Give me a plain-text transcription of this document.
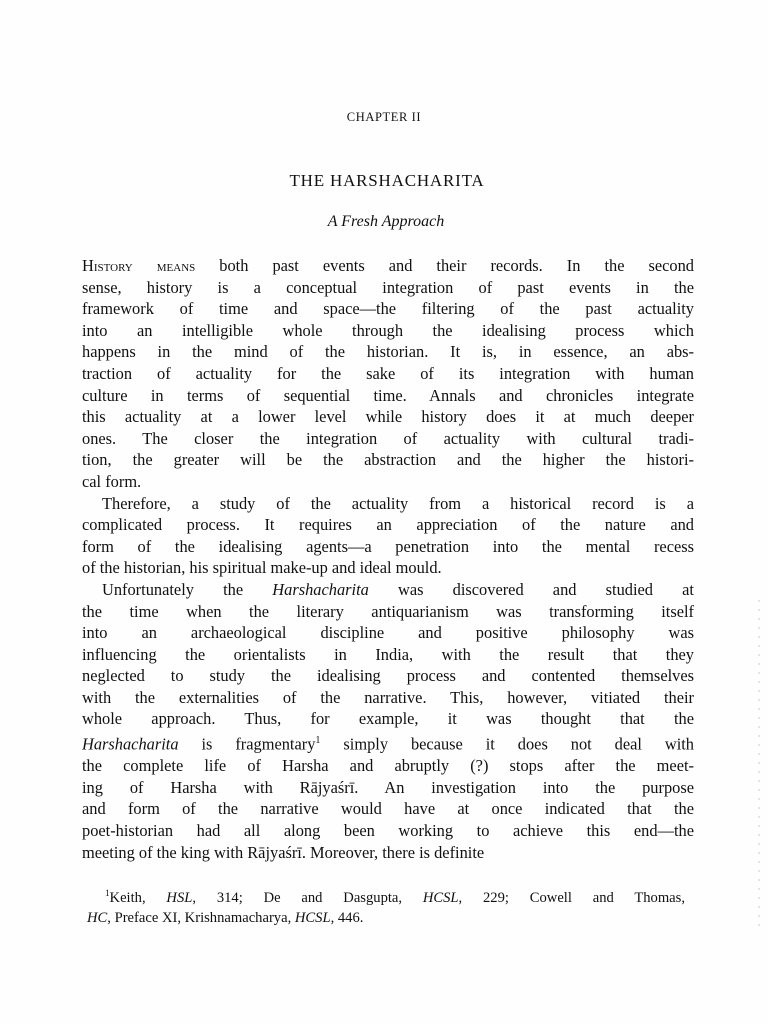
CHAPTER II
THE HARSHACHARITA
A Fresh Approach
History means both past events and their records. In the second
sense, history is a conceptual integration of past events in the
framework of time and space—the filtering of the past actuality
into an intelligible whole through the idealising process which
happens in the mind of the historian. It is, in essence, an abs-
traction of actuality for the sake of its integration with human
culture in terms of sequential time. Annals and chronicles integrate
this actuality at a lower level while history does it at much deeper
ones. The closer the integration of actuality with cultural tradi-
tion, the greater will be the abstraction and the higher the histori-
cal form.
Therefore, a study of the actuality from a historical record is a
complicated process. It requires an appreciation of the nature and
form of the idealising agents—a penetration into the mental recess
of the historian, his spiritual make-up and ideal mould.
Unfortunately the Harshacharita was discovered and studied at
the time when the literary antiquarianism was transforming itself
into an archaeological discipline and positive philosophy was
influencing the orientalists in India, with the result that they
neglected to study the idealising process and contented themselves
with the externalities of the narrative. This, however, vitiated their
whole approach. Thus, for example, it was thought that the
Harshacharita is fragmentary$^1$ simply because it does not deal with
the complete life of Harsha and abruptly (?) stops after the meet-
ing of Harsha with Rājyaśrī. An investigation into the purpose
and form of the narrative would have at once indicated that the
poet-historian had all along been working to achieve this end—the
meeting of the king with Rājyaśrī. Moreover, there is definite
$^1$Keith, HSL, 314; De and Dasgupta, HCSL, 229; Cowell and Thomas,
HC, Preface XI, Krishnamacharya, HCSL, 446.
